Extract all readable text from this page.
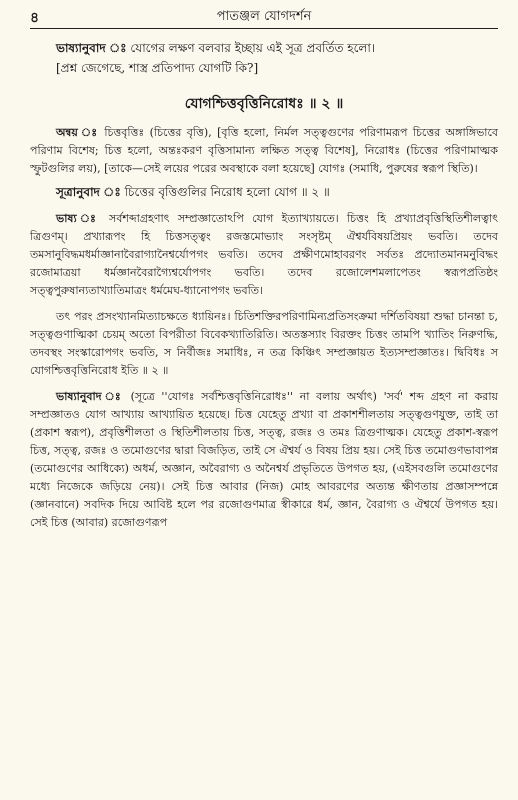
৪	পাতঞ্জল যোগদর্শন

ভাষ্যানুবাদ ঃ যোগের লক্ষণ বলবার ইচ্ছায় এই সূত্র প্রবর্তিত হলো।

[প্রশ্ন জেগেছে, শাস্ত্র প্রতিপাদ্য যোগটি কি?]

যোগশ্চিত্তবৃত্তিনিরোধঃ ॥ ২ ॥

অন্বয় ঃ চিত্তবৃত্তিঃ (চিত্তের বৃত্তি), [বৃত্তি হলো, নির্মল সত্ত্বগুণের পরিণামরূপ চিত্তের অঙ্গাঙ্গিভাবে পরিণাম বিশেষ; চিত্ত হলো, অন্তঃকরণ বৃত্তিসামান্য লক্ষিত সত্ত্ব বিশেষ], নিরোধঃ (চিত্তের পরিণামাত্মক স্ফুটগুলির লয়), [তাকে—সেই লয়ের পরের অবস্থাকে বলা হয়েছে] যোগঃ (সমাধি, পুরুষের স্বরূপ স্থিতি)।

সূত্রানুবাদ ঃ চিত্তের বৃত্তিগুলির নিরোধ হলো যোগ ॥ ২ ॥

ভাষ্য ঃ সর্বশব্দাগ্রহণাৎ সম্প্রজ্ঞাতোঽপি যোগ ইত্যাখ্যায়তে। চিত্তং হি প্রখ্যাপ্রবৃত্তিস্থিতিশীলত্বাৎ ত্রিগুণম্‌। প্রখ্যারূপং হি চিত্তসত্ত্বং রজস্তমোভ্যাং সংসৃষ্টম্‌ ঐশ্বর্যবিষয়প্রিয়ং ভবতি। তদেব তমসানুবিদ্ধমধর্মাজ্ঞানাবৈরাগ্যানৈশ্বর্যোপগং ভবতি। তদেব প্রক্ষীণমোহাবরণং সর্বতঃ প্রদ্যোতমানমনুবিদ্ধং রজোমাত্রয়া ধর্মজ্ঞানবৈরাগ্যৈশ্বর্যোপগং ভবতি। তদেব রজোলেশমলাপেতং স্বরূপপ্রতিষ্ঠং সত্ত্বপুরুষান্যতাখ্যাতিমাত্রং ধর্মমেঘ-ধ্যানোপগং ভবতি।

তৎ পরং প্রসংখ্যানমিত্যাচক্ষতে ধ্যায়িনঃ। চিতিশক্তিরপরিণামিন্যপ্রতিসংক্রমা দর্শিতবিষয়া শুদ্ধা চানন্তা চ, সত্ত্বগুণাত্মিকা চেয়ম্‌ অতো বিপরীতা বিবেকখ্যাতিরিতি। অতস্তস্যাং বিরক্তং চিত্তং তামপি খ্যাতিং নিরুণদ্ধি, তদবস্থং সংস্কারোপগং ভবতি, স নির্বীজঃ সমাধিঃ, ন তত্র কিঞ্চিৎ সম্প্রজ্ঞায়ত ইত্যসম্প্রজ্ঞাতঃ। দ্বিবিধঃ স যোগশ্চিত্তবৃত্তিনিরোধ ইতি ॥ ২ ॥

ভাষ্যানুবাদ ঃ (সূত্রে ''যোগঃ সর্বশ্চিত্তবৃত্তিনিরোধঃ'' না বলায় অর্থাৎ) 'সর্ব' শব্দ গ্রহণ না করায় সম্প্রজ্ঞাতও যোগ আখ্যায় আখ্যায়িত হয়েছে। চিত্ত যেহেতু প্রখ্যা বা প্রকাশশীলতায় সত্ত্বগুণযুক্ত, তাই তা (প্রকাশ স্বরূপ), প্রবৃত্তিশীলতা ও স্থিতিশীলতায় চিত্ত, সত্ত্ব, রজঃ ও তমঃ ত্রিগুণাত্মক। যেহেতু প্রকাশ-স্বরূপ চিত্ত, সত্ত্ব, রজঃ ও তমোগুণের দ্বারা বিজড়িত, তাই সে ঐশ্বর্য ও বিষয় প্রিয় হয়। সেই চিত্ত তমোগুণভাবাপন্ন (তমোগুণের আধিক্যে) অধর্ম, অজ্ঞান, অবৈরাগ্য ও অনৈশ্বর্য প্রভৃতিতে উপগত হয়, (এইসবগুলি তমোগুণের মধ্যে নিজেকে জড়িয়ে নেয়)। সেই চিত্ত আবার (নিজ) মোহ আবরণের অত্যন্ত ক্ষীণতায় প্রজ্ঞাসম্পন্নে (জ্ঞানবানে) সবদিক দিয়ে আবিষ্ট হলে পর রজোগুণমাত্র স্বীকারে ধর্ম, জ্ঞান, বৈরাগ্য ও ঐশ্বর্যে উপগত হয়। সেই চিত্ত (আবার) রজোগুণরূপ
